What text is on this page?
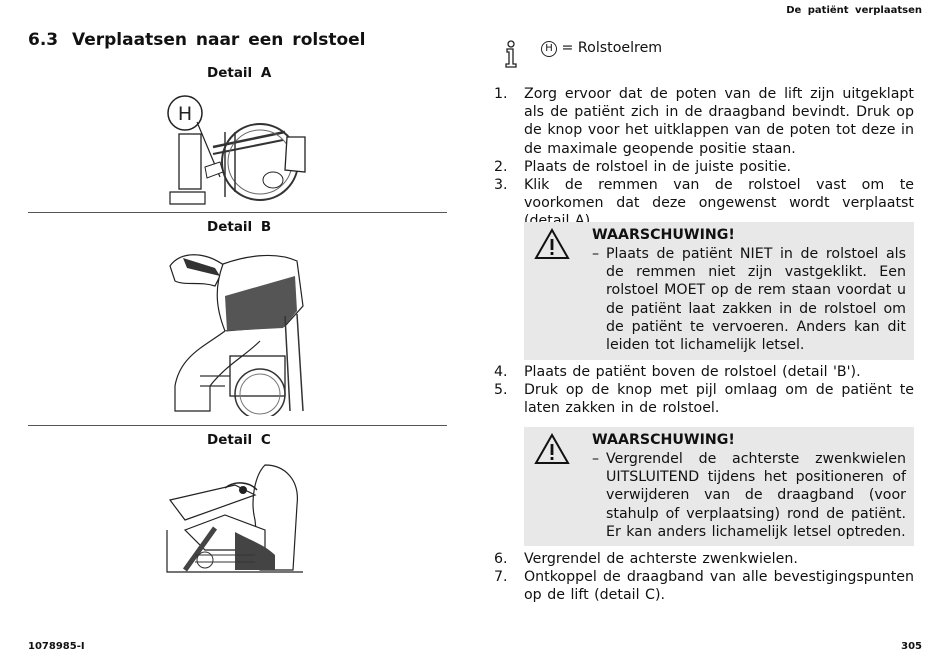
De patiënt verplaatsen
6.3 Verplaatsen naar een rolstoel
Detail A
H
Detail B
Detail C
H = Rolstoelrem
1. Zorg ervoor dat de poten van de lift zijn uitgeklapt als de patiënt zich in de draagband bevindt. Druk op de knop voor het uitklappen van de poten tot deze in de maximale geopende positie staan.
2. Plaats de rolstoel in de juiste positie.
3. Klik de remmen van de rolstoel vast om te voorkomen dat deze ongewenst wordt verplaatst
WAARSCHUWING!
– Plaats de patiënt NIET in de rolstoel als de remmen niet zijn vastgeklikt. Een rolstoel MOET op de rem staan voordat u de patiënt laat zakken in de rolstoel om de patiënt te vervoeren. Anders kan dit leiden tot lichamelijk letsel.
4. Plaats de patiënt boven de rolstoel (detail 'B').
5. Druk op de knop met pijl omlaag om de patiënt te laten zakken in de rolstoel.
WAARSCHUWING!
– Vergrendel de achterste zwenkwielen UITSLUITEND tijdens het positioneren of verwijderen van de draagband (voor stahulp of verplaatsing) rond de patiënt. Er kan anders lichamelijk letsel optreden.
6. Vergrendel de achterste zwenkwielen.
7. Ontkoppel de draagband van alle bevestigingspunten op de lift (detail C).
1078985-I	305
